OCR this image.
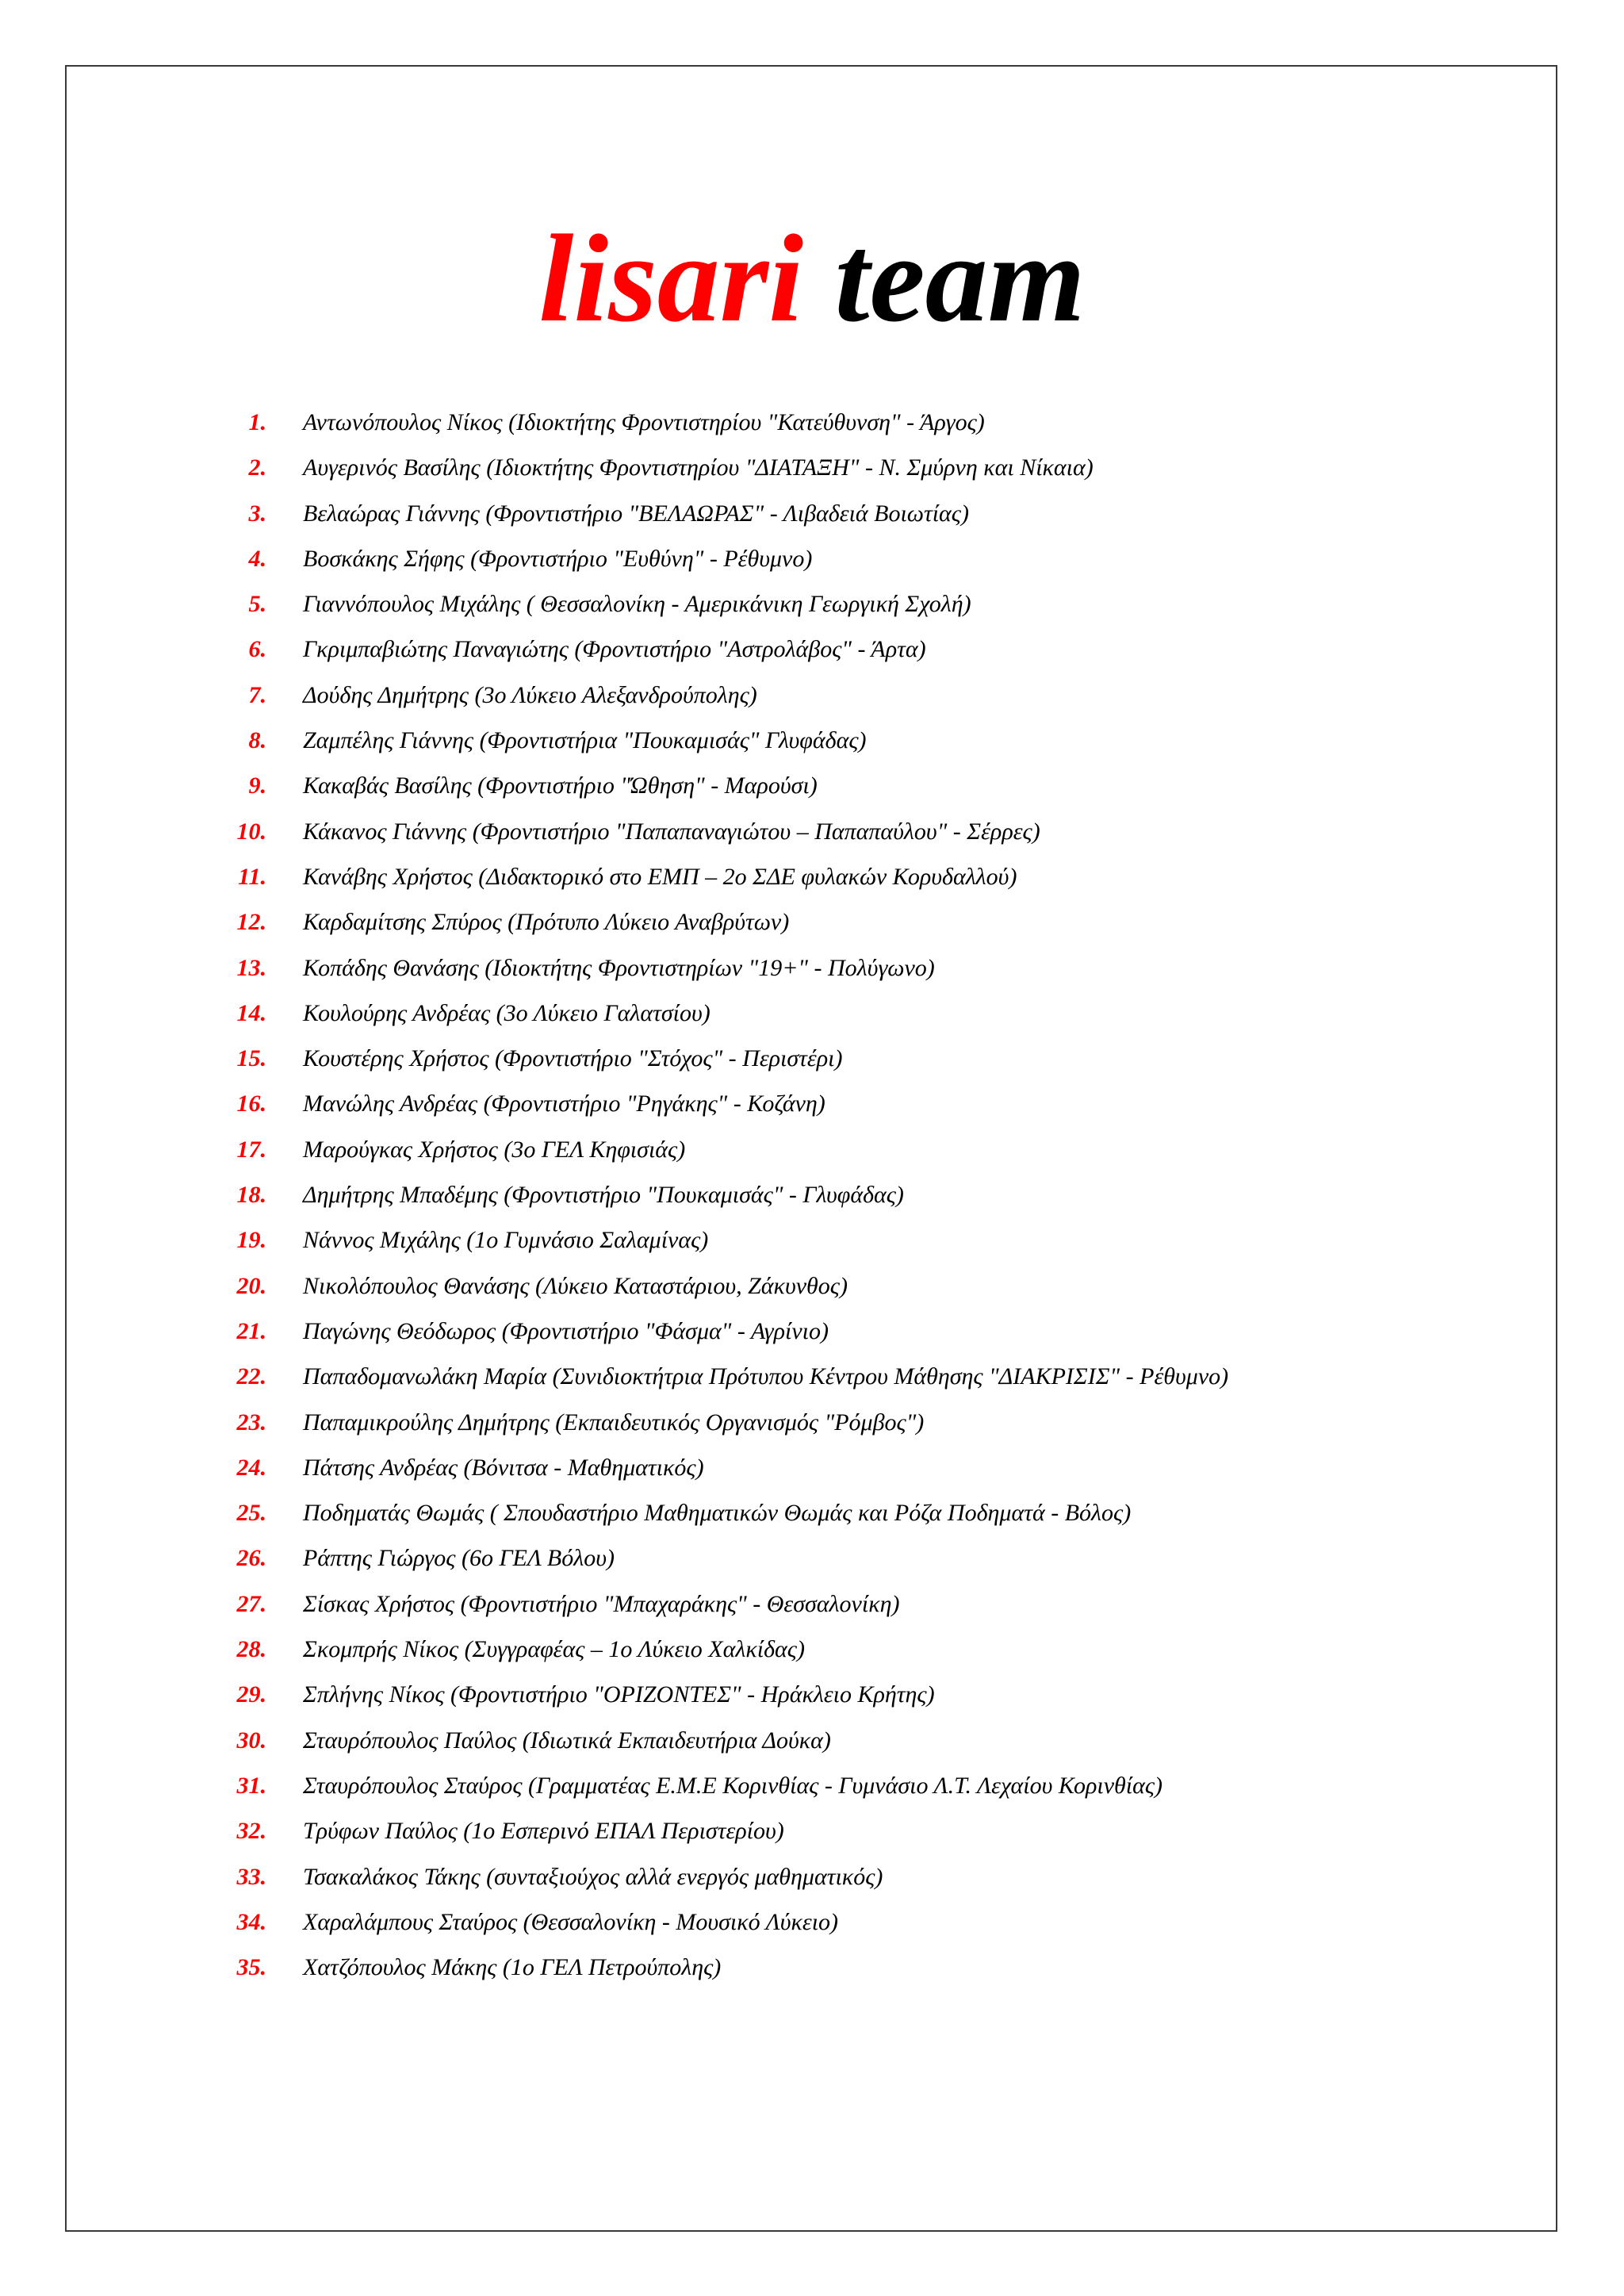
lisari team
1. Αντωνόπουλος Νίκος (Ιδιοκτήτης Φροντιστηρίου "Κατεύθυνση" - Άργος)
2. Αυγερινός Βασίλης (Ιδιοκτήτης Φροντιστηρίου "ΔΙΑΤΑΞΗ" - Ν. Σμύρνη και Νίκαια)
3. Βελαώρας Γιάννης (Φροντιστήριο "ΒΕΛΑΩΡΑΣ" - Λιβαδειά Βοιωτίας)
4. Βοσκάκης Σήφης (Φροντιστήριο "Ευθύνη" - Ρέθυμνο)
5. Γιαννόπουλος Μιχάλης ( Θεσσαλονίκη - Αμερικάνικη Γεωργική Σχολή)
6. Γκριμπαβιώτης Παναγιώτης (Φροντιστήριο "Αστρολάβος" - Άρτα)
7. Δούδης Δημήτρης (3ο Λύκειο Αλεξανδρούπολης)
8. Ζαμπέλης Γιάννης (Φροντιστήρια "Πουκαμισάς" Γλυφάδας)
9. Κακαβάς Βασίλης (Φροντιστήριο "Ώθηση" - Μαρούσι)
10. Κάκανος Γιάννης (Φροντιστήριο "Παπαπαναγιώτου – Παπαπαύλου" - Σέρρες)
11. Κανάβης Χρήστος (Διδακτορικό στο ΕΜΠ – 2ο ΣΔΕ φυλακών Κορυδαλλού)
12. Καρδαμίτσης Σπύρος (Πρότυπο Λύκειο Αναβρύτων)
13. Κοπάδης Θανάσης (Ιδιοκτήτης Φροντιστηρίων "19+" - Πολύγωνο)
14. Κουλούρης Ανδρέας (3ο Λύκειο Γαλατσίου)
15. Κουστέρης Χρήστος (Φροντιστήριο "Στόχος" - Περιστέρι)
16. Μανώλης Ανδρέας (Φροντιστήριο "Ρηγάκης" - Κοζάνη)
17. Μαρούγκας Χρήστος (3ο ΓΕΛ Κηφισιάς)
18. Δημήτρης Μπαδέμης (Φροντιστήριο "Πουκαμισάς" - Γλυφάδας)
19. Νάννος Μιχάλης (1ο Γυμνάσιο Σαλαμίνας)
20. Νικολόπουλος Θανάσης (Λύκειο Καταστάριου, Ζάκυνθος)
21. Παγώνης Θεόδωρος (Φροντιστήριο "Φάσμα" - Αγρίνιο)
22. Παπαδομανωλάκη Μαρία (Συνιδιοκτήτρια Πρότυπου Κέντρου Μάθησης "ΔΙΑΚΡΙΣΙΣ" - Ρέθυμνο)
23. Παπαμικρούλης Δημήτρης (Εκπαιδευτικός Οργανισμός "Ρόμβος")
24. Πάτσης Ανδρέας (Βόνιτσα - Μαθηματικός)
25. Ποδηματάς Θωμάς ( Σπουδαστήριο Μαθηματικών Θωμάς και Ρόζα Ποδηματά - Βόλος)
26. Ράπτης Γιώργος (6ο ΓΕΛ Βόλου)
27. Σίσκας Χρήστος (Φροντιστήριο "Μπαχαράκης" - Θεσσαλονίκη)
28. Σκομπρής Νίκος (Συγγραφέας – 1ο Λύκειο Χαλκίδας)
29. Σπλήνης Νίκος (Φροντιστήριο "ΟΡΙΖΟΝΤΕΣ" - Ηράκλειο Κρήτης)
30. Σταυρόπουλος Παύλος (Ιδιωτικά Εκπαιδευτήρια Δούκα)
31. Σταυρόπουλος Σταύρος (Γραμματέας Ε.Μ.Ε Κορινθίας - Γυμνάσιο Λ.Τ. Λεχαίου Κορινθίας)
32. Τρύφων Παύλος (1ο Εσπερινό ΕΠΑΛ Περιστερίου)
33. Τσακαλάκος Τάκης (συνταξιούχος αλλά ενεργός μαθηματικός)
34. Χαραλάμπους Σταύρος (Θεσσαλονίκη - Μουσικό Λύκειο)
35. Χατζόπουλος Μάκης (1ο ΓΕΛ Πετρούπολης)
